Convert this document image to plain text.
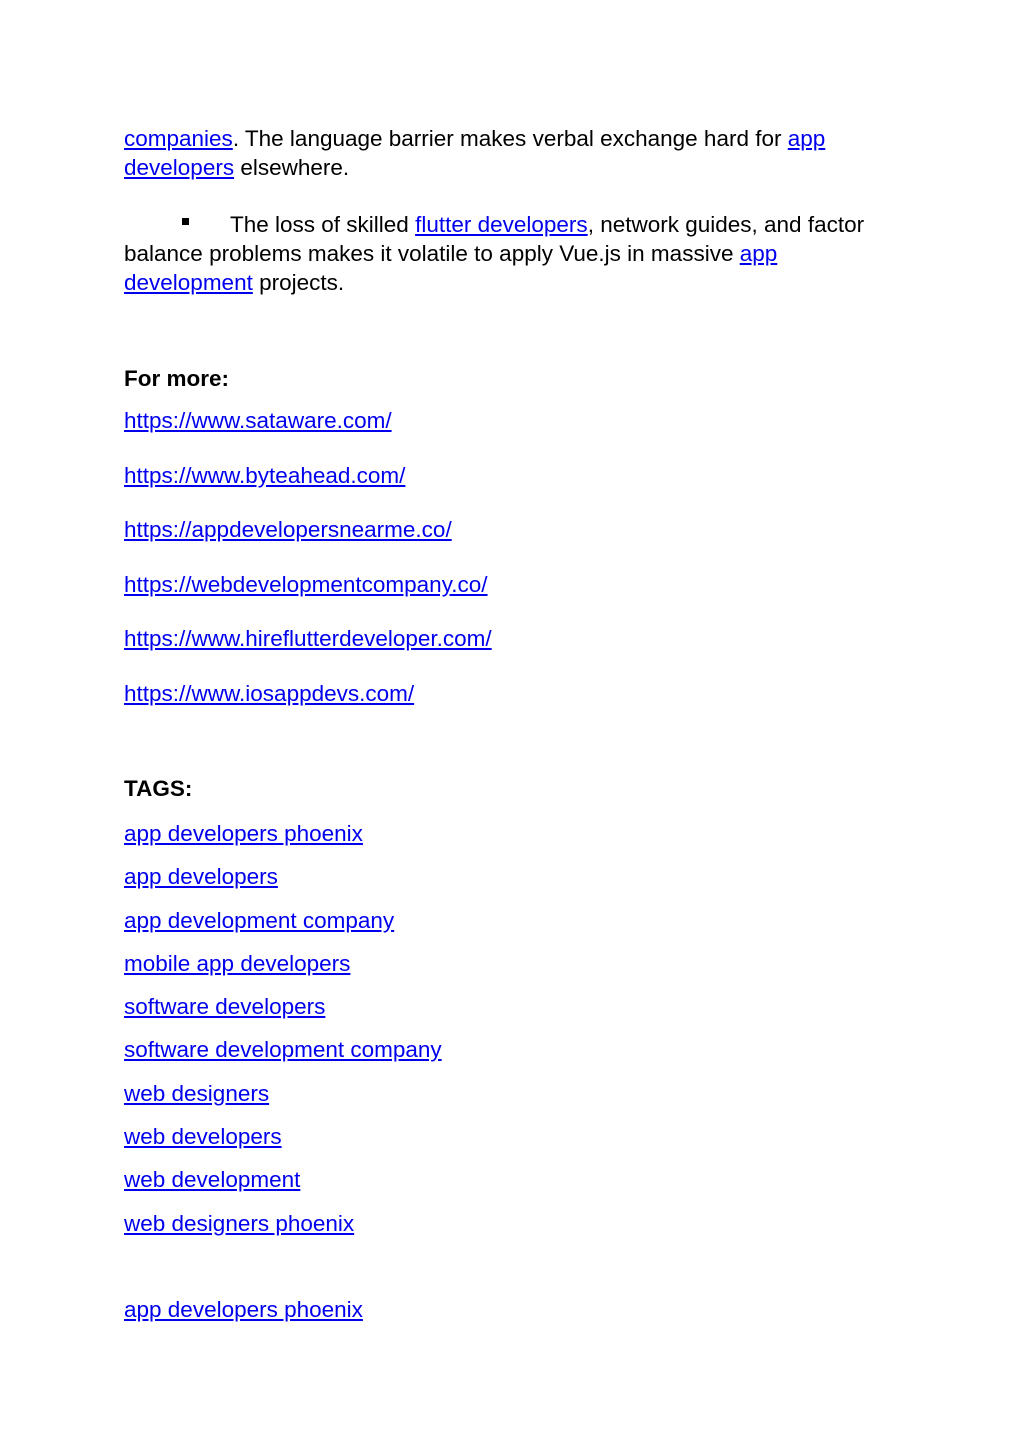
companies. The language barrier makes verbal exchange hard for app developers elsewhere.

The loss of skilled flutter developers, network guides, and factor balance problems makes it volatile to apply Vue.js in massive app development projects.

For more:
https://www.sataware.com/
https://www.byteahead.com/
https://appdevelopersnearme.co/
https://webdevelopmentcompany.co/
https://www.hireflutterdeveloper.com/
https://www.iosappdevs.com/
TAGS:
app developers phoenix
app developers
app development company
mobile app developers
software developers
software development company
web designers
web developers
web development
web designers phoenix
app developers phoenix
